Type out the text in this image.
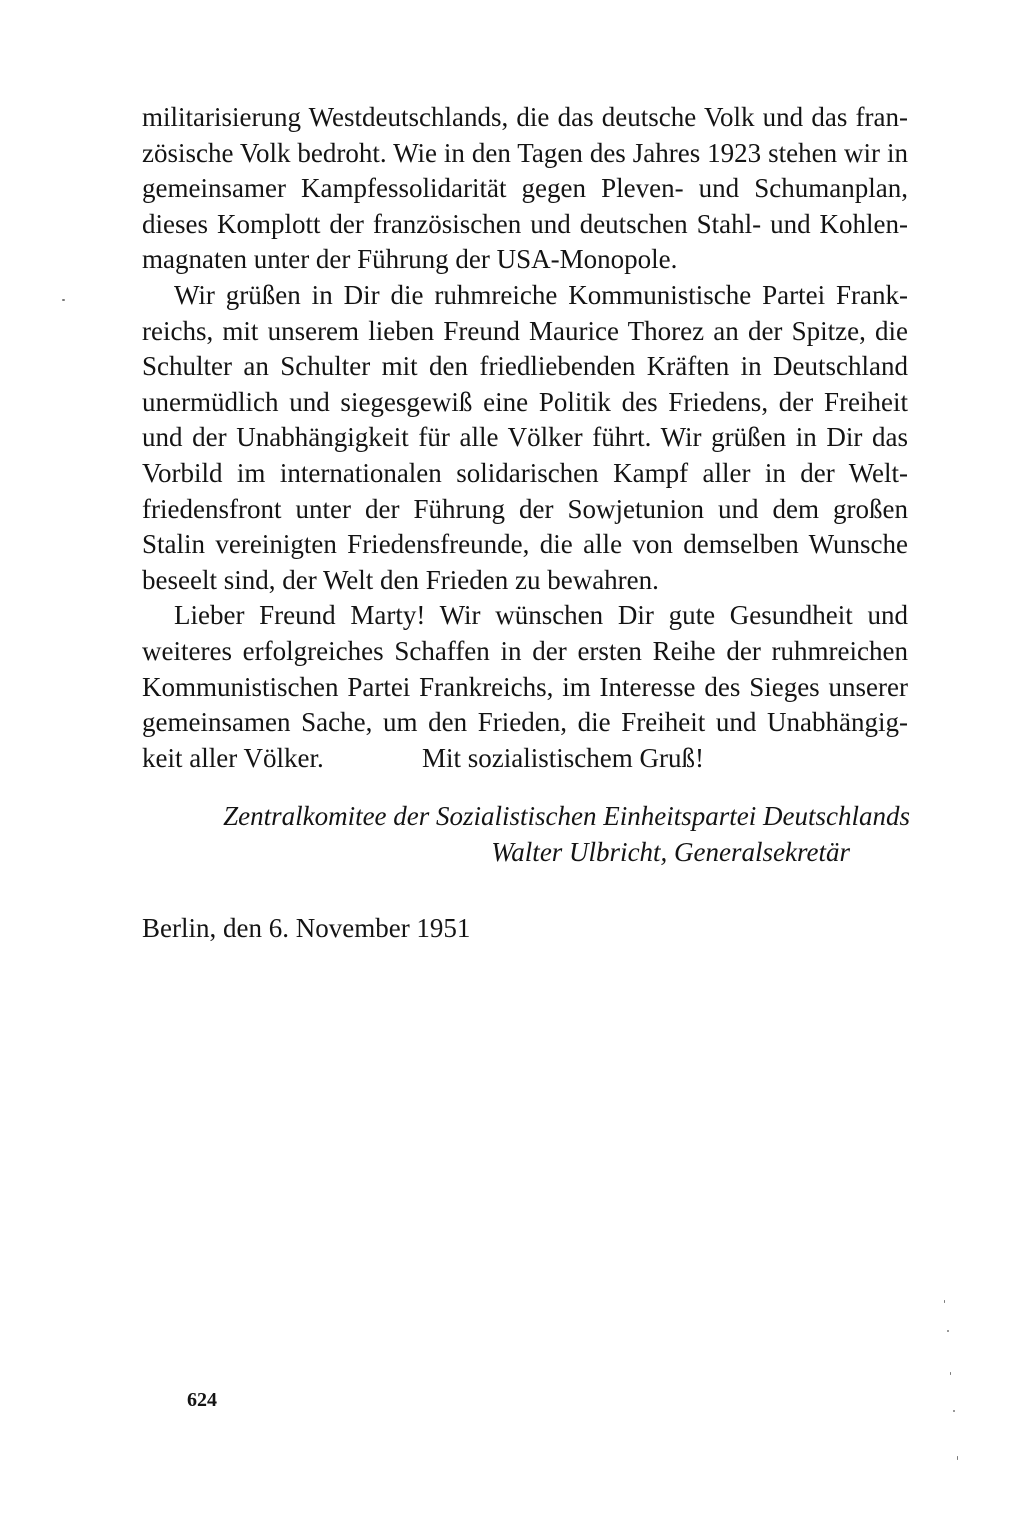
militarisierung Westdeutschlands, die das deutsche Volk und das fran-
zösische Volk bedroht. Wie in den Tagen des Jahres 1923 stehen wir in
gemeinsamer Kampfessolidarität gegen Pleven- und Schumanplan,
dieses Komplott der französischen und deutschen Stahl- und Kohlen-
magnaten unter der Führung der USA-Monopole.
Wir grüßen in Dir die ruhmreiche Kommunistische Partei Frank-
reichs, mit unserem lieben Freund Maurice Thorez an der Spitze, die
Schulter an Schulter mit den friedliebenden Kräften in Deutschland
unermüdlich und siegesgewiß eine Politik des Friedens, der Freiheit
und der Unabhängigkeit für alle Völker führt. Wir grüßen in Dir das
Vorbild im internationalen solidarischen Kampf aller in der Welt-
friedensfront unter der Führung der Sowjetunion und dem großen
Stalin vereinigten Friedensfreunde, die alle von demselben Wunsche
beseelt sind, der Welt den Frieden zu bewahren.
Lieber Freund Marty! Wir wünschen Dir gute Gesundheit und
weiteres erfolgreiches Schaffen in der ersten Reihe der ruhmreichen
Kommunistischen Partei Frankreichs, im Interesse des Sieges unserer
gemeinsamen Sache, um den Frieden, die Freiheit und Unabhängig-
keit aller Völker.	Mit sozialistischem Gruß!
Zentralkomitee der Sozialistischen Einheitspartei Deutschlands
Walter Ulbricht, Generalsekretär
Berlin, den 6. November 1951
624
